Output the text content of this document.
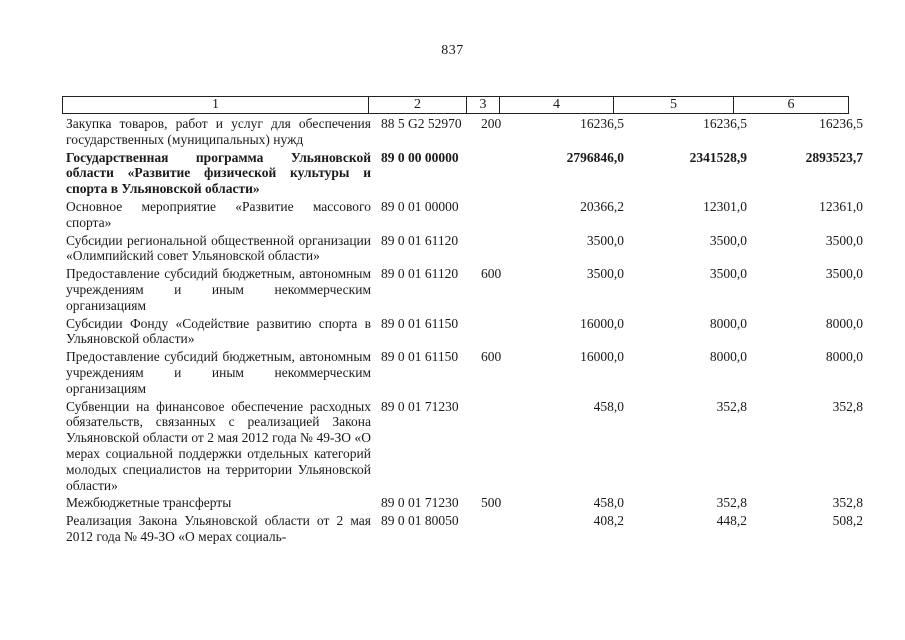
837
1	2	3	4	5	6
Закупка товаров, работ и услуг для обеспечения государственных (муниципальных) нужд	88 5 G2 52970	200	16236,5	16236,5	16236,5
Государственная программа Ульяновской области «Развитие физической культуры и спорта в Ульяновской области»	89 0 00 00000		2796846,0	2341528,9	2893523,7
Основное мероприятие «Развитие массового спорта»	89 0 01 00000		20366,2	12301,0	12361,0
Субсидии региональной общественной организации «Олимпийский совет Ульяновской области»	89 0 01 61120		3500,0	3500,0	3500,0
Предоставление субсидий бюджетным, автономным учреждениям и иным некоммерческим организациям	89 0 01 61120	600	3500,0	3500,0	3500,0
Субсидии Фонду «Содействие развитию спорта в Ульяновской области»	89 0 01 61150		16000,0	8000,0	8000,0
Предоставление субсидий бюджетным, автономным учреждениям и иным некоммерческим организациям	89 0 01 61150	600	16000,0	8000,0	8000,0
Субвенции на финансовое обеспечение расходных обязательств, связанных с реализацией Закона Ульяновской области от 2 мая 2012 года № 49-ЗО «О мерах социальной поддержки отдельных категорий молодых специалистов на территории Ульяновской области»	89 0 01 71230		458,0	352,8	352,8
Межбюджетные трансферты	89 0 01 71230	500	458,0	352,8	352,8
Реализация Закона Ульяновской области от 2 мая 2012 года № 49-ЗО «О мерах социаль-	89 0 01 80050		408,2	448,2	508,2
